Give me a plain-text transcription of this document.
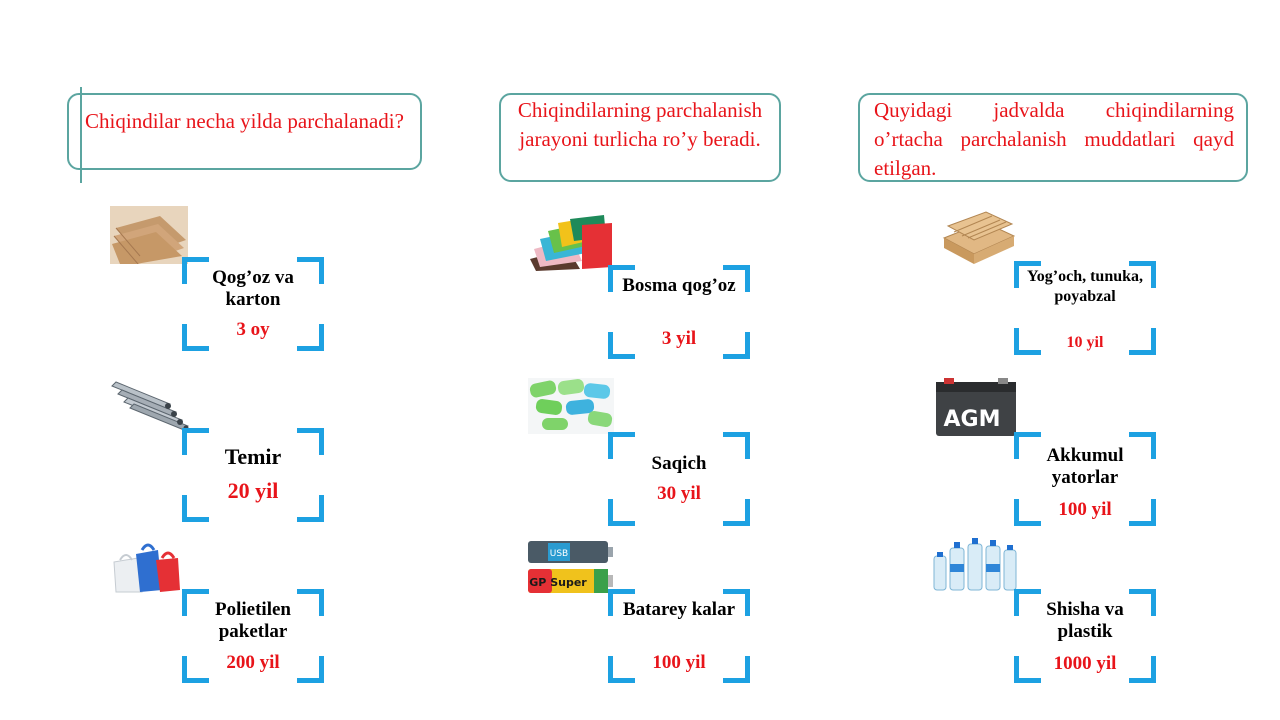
Chiqindilar necha yilda parchalanadi?	Chiqindilarning parchalanish jarayoni turlicha ro’y beradi.
Quyidagi jadvalda chiqindilarning o’rtacha parchalanish muddatlari qayd etilgan.
Qog’oz va karton
3 oy
Temir
20 yil
Polietilen paketlar
200 yil
Bosma qog’oz
3 yil
Saqich
30 yil
USB
GP Super
Batarey kalar
100 yil
Yog’och, tunuka, poyabzal
10 yil
AGM
Akkumul yatorlar
100 yil
Shisha va plastik
1000 yil
